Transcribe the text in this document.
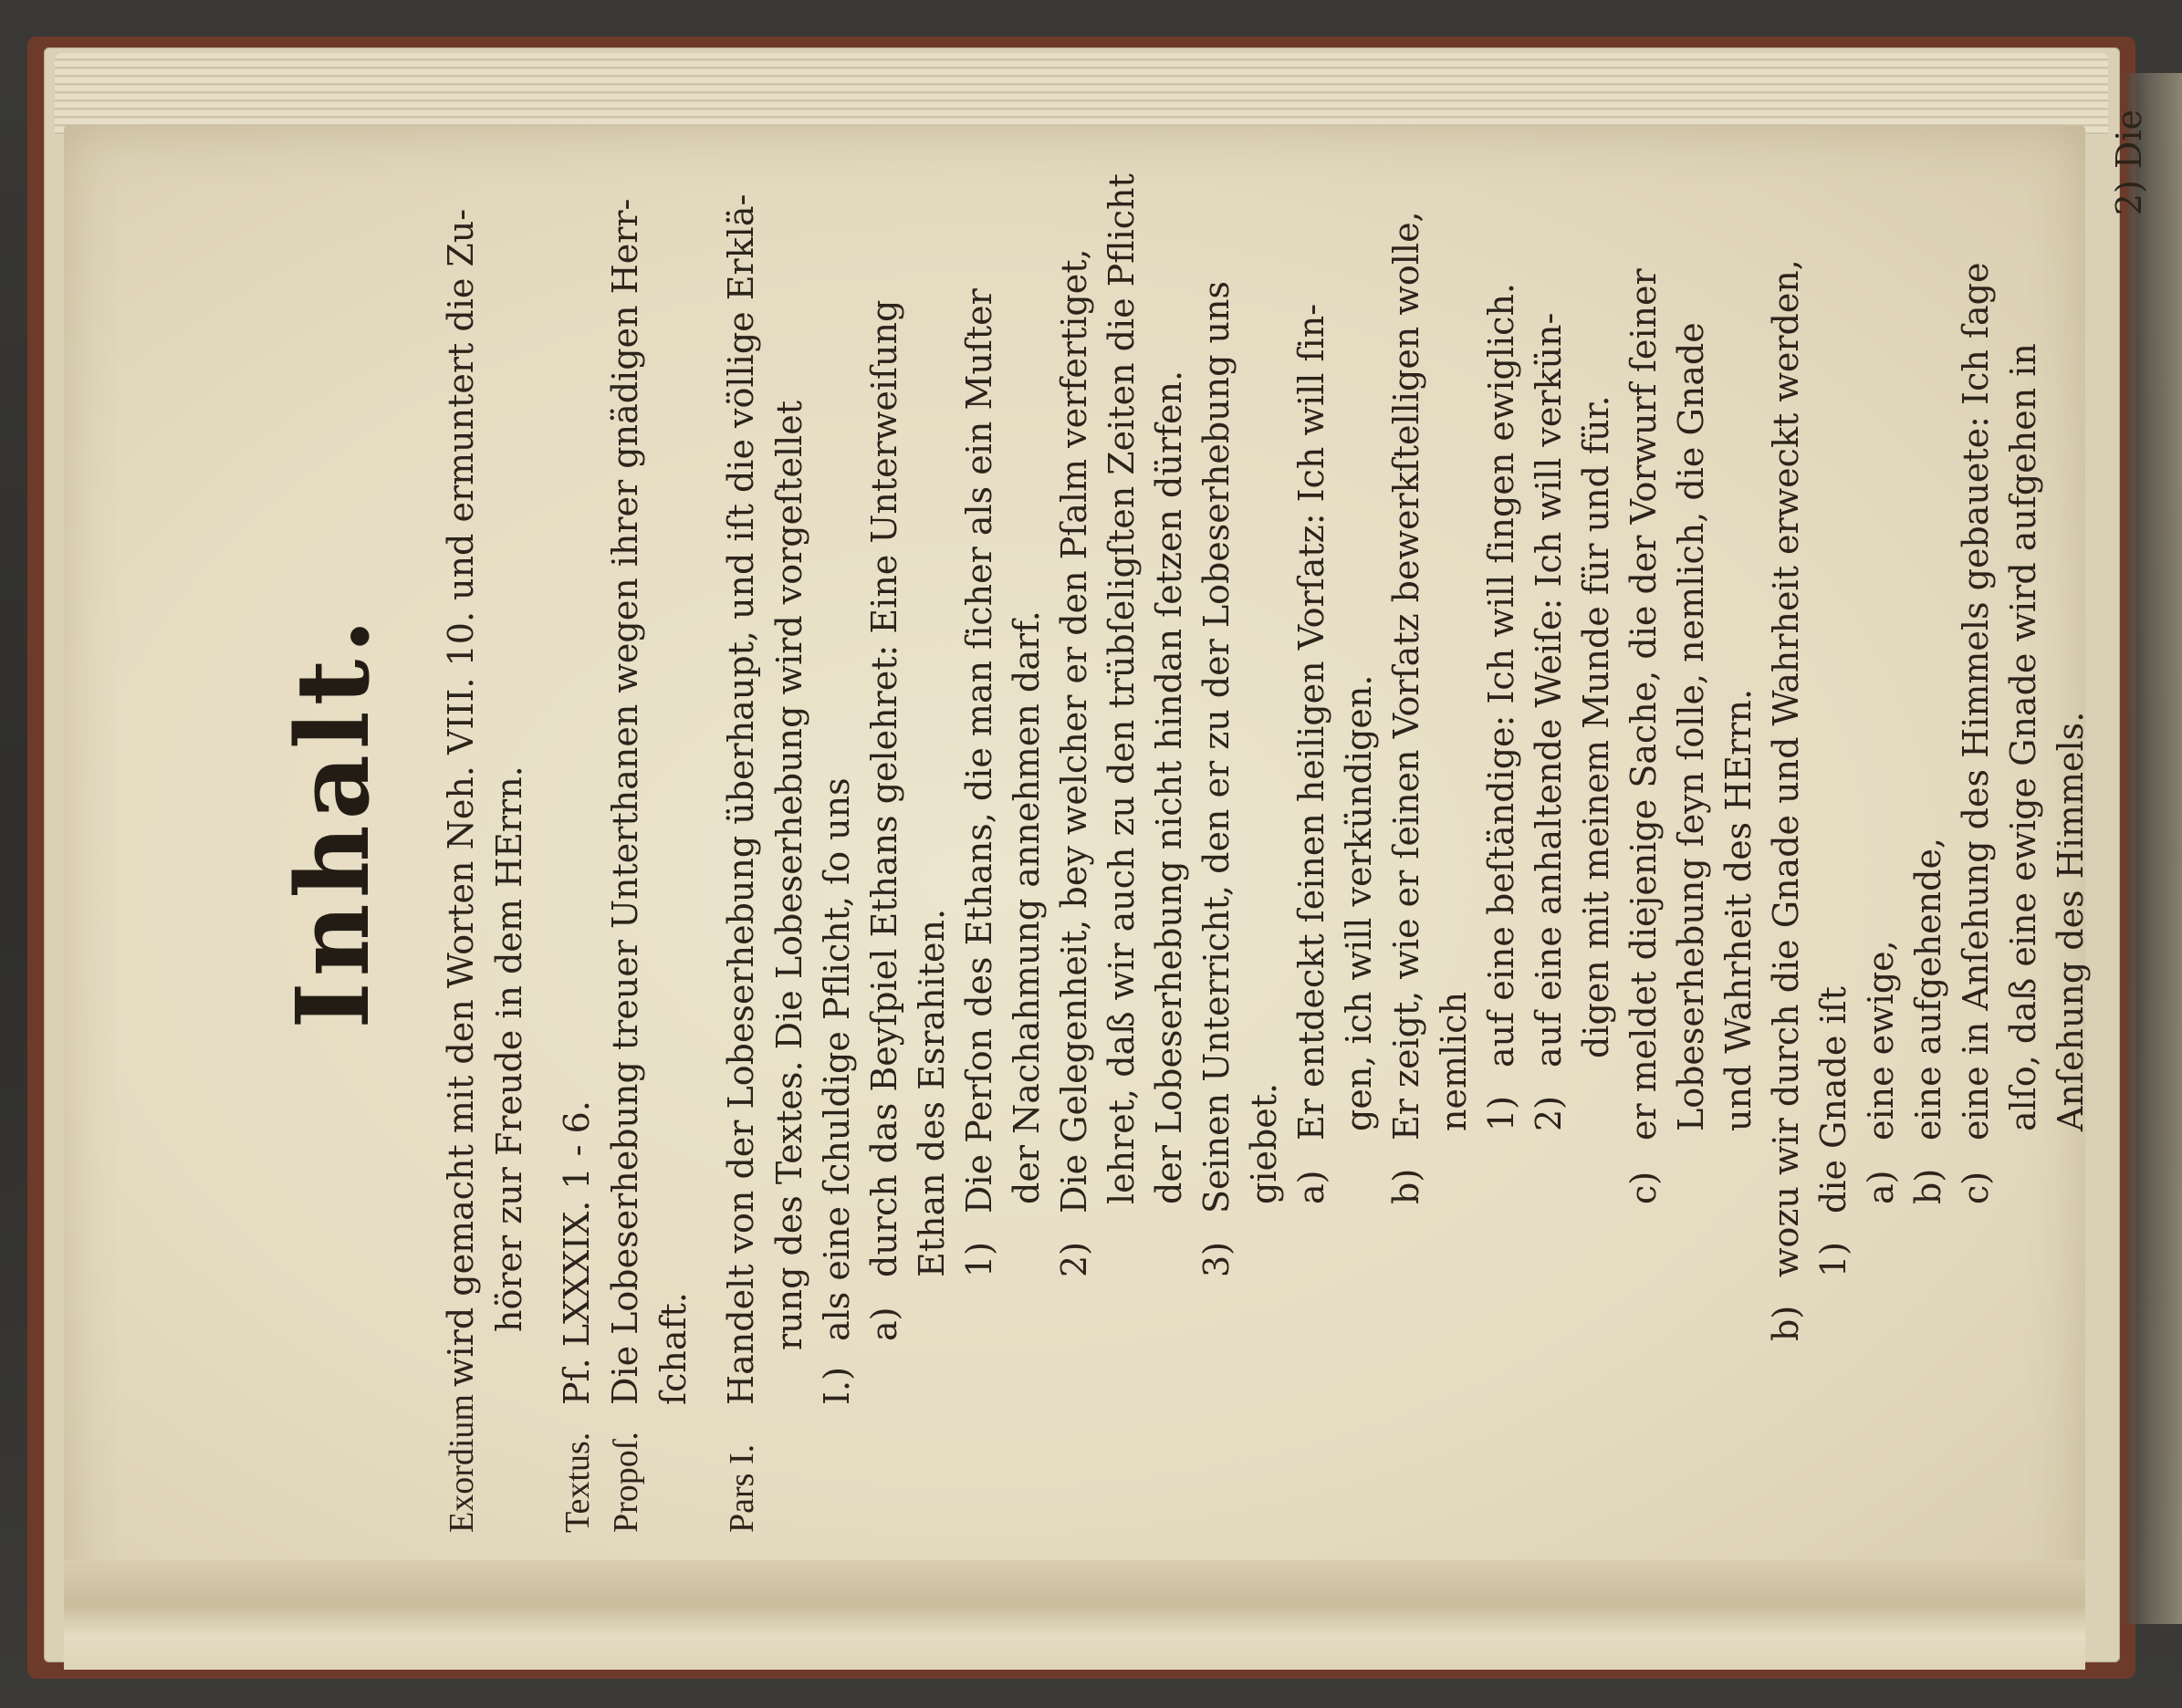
Inhalt.
Exordium
wird gemacht mit den Worten Neh. VIII. 10. und ermuntert die Zu- hörer zur Freude in dem HErrn.
Textus.
Pſ. LXXXIX. 1 - 6.
Propoſ.
Die Lobeserhebung treuer Unterthanen wegen ihrer gnädigen Herr- ſchaft.
Pars I.
Handelt von der Lobeserhebung überhaupt, und iſt die völlige Erklä- rung des Textes. Die Lobeserhebung wird vorgeſtellet
I.)
als eine ſchuldige Pflicht, ſo uns a)
durch das Beyſpiel Ethans gelehret: Eine Unterweiſung Ethan des Esrahiten. 1)
Die Perſon des Ethans, die man ſicher als ein Muſter der Nachahmung annehmen darf.
2)
Die Gelegenheit, bey welcher er den Pſalm verfertiget, lehret, daß wir auch zu den trübſeligſten Zeiten die Pflicht der Lobeserhebung nicht hindan ſetzen dürfen.
3)
Seinen Unterricht, den er zu der Lobeserhebung uns giebet. a)
Er entdeckt ſeinen heiligen Vorſatz: Ich will ſin- gen, ich will verkündigen.
b)
Er zeigt, wie er ſeinen Vorſatz bewerkſtelligen wolle, nemlich 1)
auf eine beſtändige: Ich will ſingen ewiglich.
2)
auf eine anhaltende Weiſe: Ich will verkün- digen mit meinem Munde für und für.
c)
er meldet diejenige Sache, die der Vorwurf ſeiner Lobeserhebung ſeyn ſolle, nemlich, die Gnade und Wahrheit des HErrn.
b)
wozu wir durch die Gnade und Wahrheit erweckt werden, 1)
die Gnade iſt a)
eine ewige,
b)
eine aufgehende,
c)
eine in Anſehung des Himmels gebauete: Ich ſage alſo, daß eine ewige Gnade wird aufgehen in Anſehung des Himmels.
2) Die
